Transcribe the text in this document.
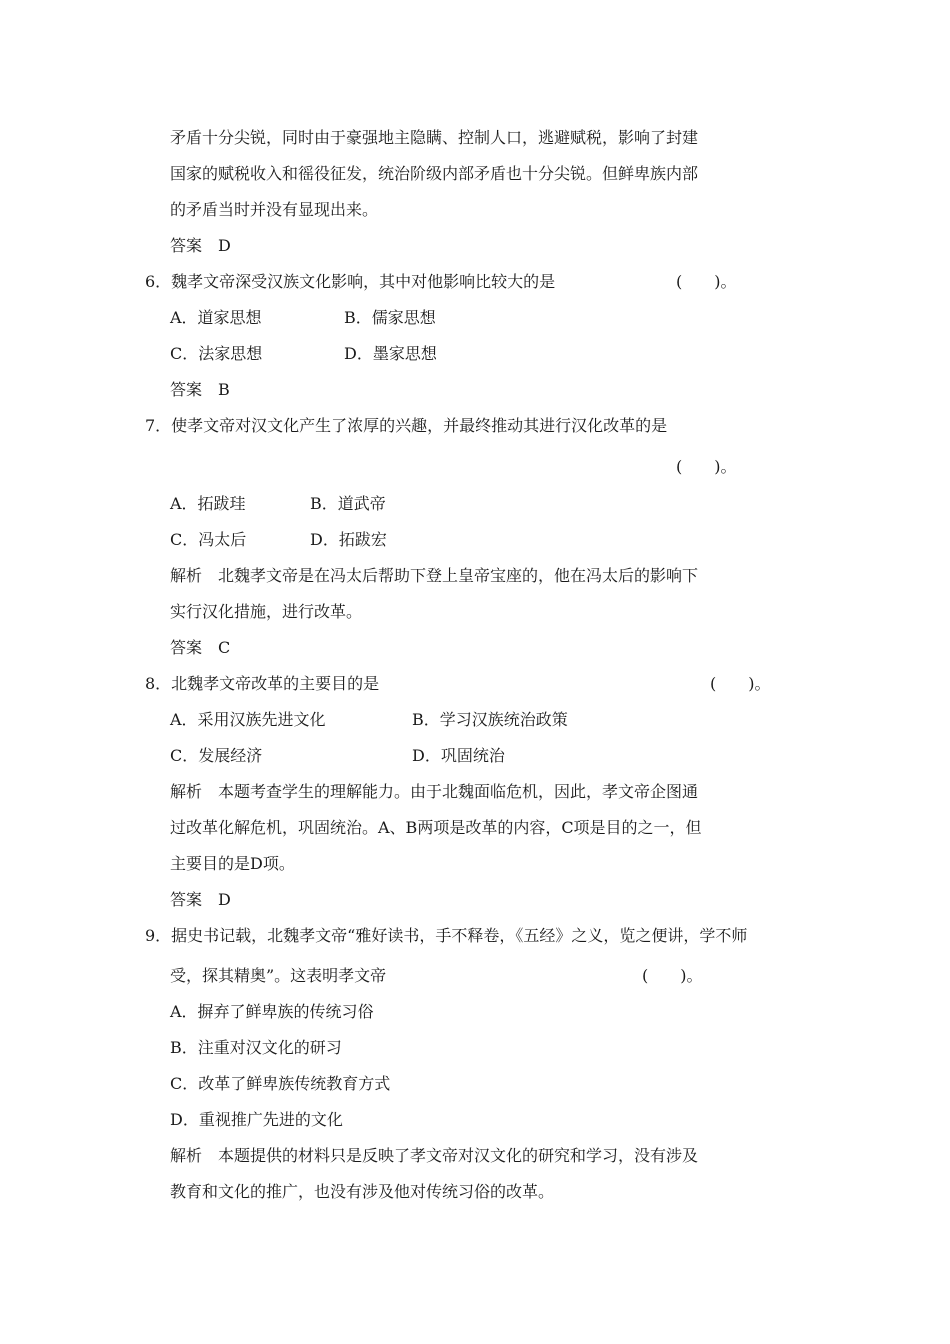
矛盾十分尖锐，同时由于豪强地主隐瞒、控制人口，逃避赋税，影响了封建
国家的赋税收入和徭役征发，统治阶级内部矛盾也十分尖锐。但鲜卑族内部
的矛盾当时并没有显现出来。
答案　D
6．魏孝文帝深受汉族文化影响，其中对他影响比较大的是	(　　)。
A．道家思想	B．儒家思想
C．法家思想	D．墨家思想
答案　B
7．使孝文帝对汉文化产生了浓厚的兴趣，并最终推动其进行汉化改革的是
(　　)。
A．拓跋珪	B．道武帝
C．冯太后	D．拓跋宏
解析　北魏孝文帝是在冯太后帮助下登上皇帝宝座的，他在冯太后的影响下
实行汉化措施，进行改革。
答案　C
8．北魏孝文帝改革的主要目的是	(　　)。
A．采用汉族先进文化	B．学习汉族统治政策
C．发展经济	D．巩固统治
解析　本题考查学生的理解能力。由于北魏面临危机，因此，孝文帝企图通
过改革化解危机，巩固统治。A、B两项是改革的内容，C项是目的之一，但
主要目的是D项。
答案　D
9．据史书记载，北魏孝文帝“雅好读书，手不释卷，《五经》之义，览之便讲，学不师
受，探其精奥”。这表明孝文帝	(　　)。
A．摒弃了鲜卑族的传统习俗
B．注重对汉文化的研习
C．改革了鲜卑族传统教育方式
D．重视推广先进的文化
解析　本题提供的材料只是反映了孝文帝对汉文化的研究和学习，没有涉及
教育和文化的推广，也没有涉及他对传统习俗的改革。
